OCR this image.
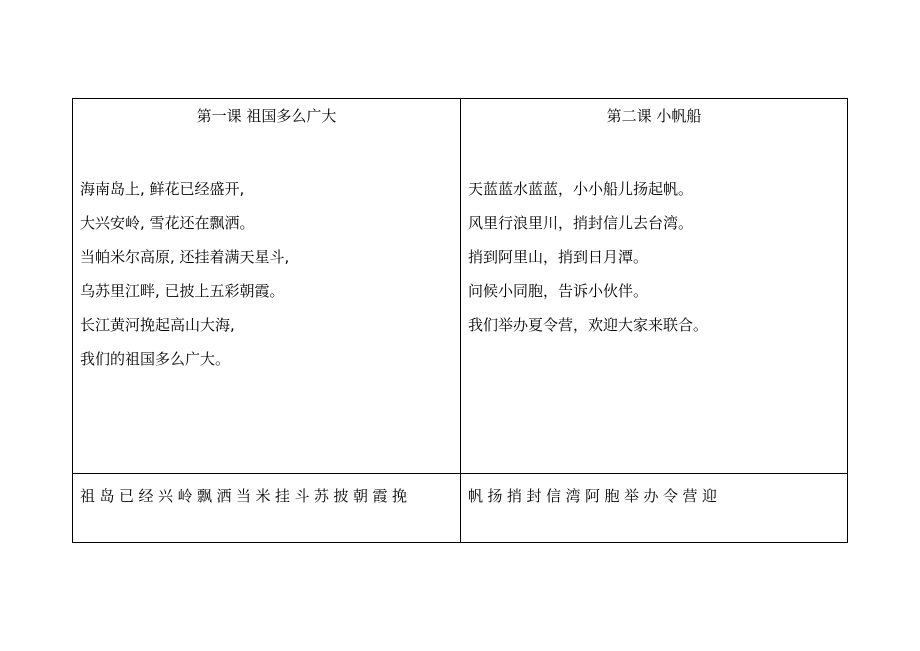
第一课 祖国多么广大
海南岛上, 鲜花已经盛开,
大兴安岭, 雪花还在飘洒。
当帕米尔高原, 还挂着满天星斗,
乌苏里江畔, 已披上五彩朝霞。
长江黄河挽起高山大海,
我们的祖国多么广大。
第二课 小帆船
天蓝蓝水蓝蓝，小小船儿扬起帆。
风里行浪里川，捎封信儿去台湾。
捎到阿里山，捎到日月潭。
问候小同胞，告诉小伙伴。
我们举办夏令营，欢迎大家来联合。
祖岛已经兴岭飘洒当米挂斗苏披朝霞挽	帆扬捎封信湾阿胞举办令营迎
